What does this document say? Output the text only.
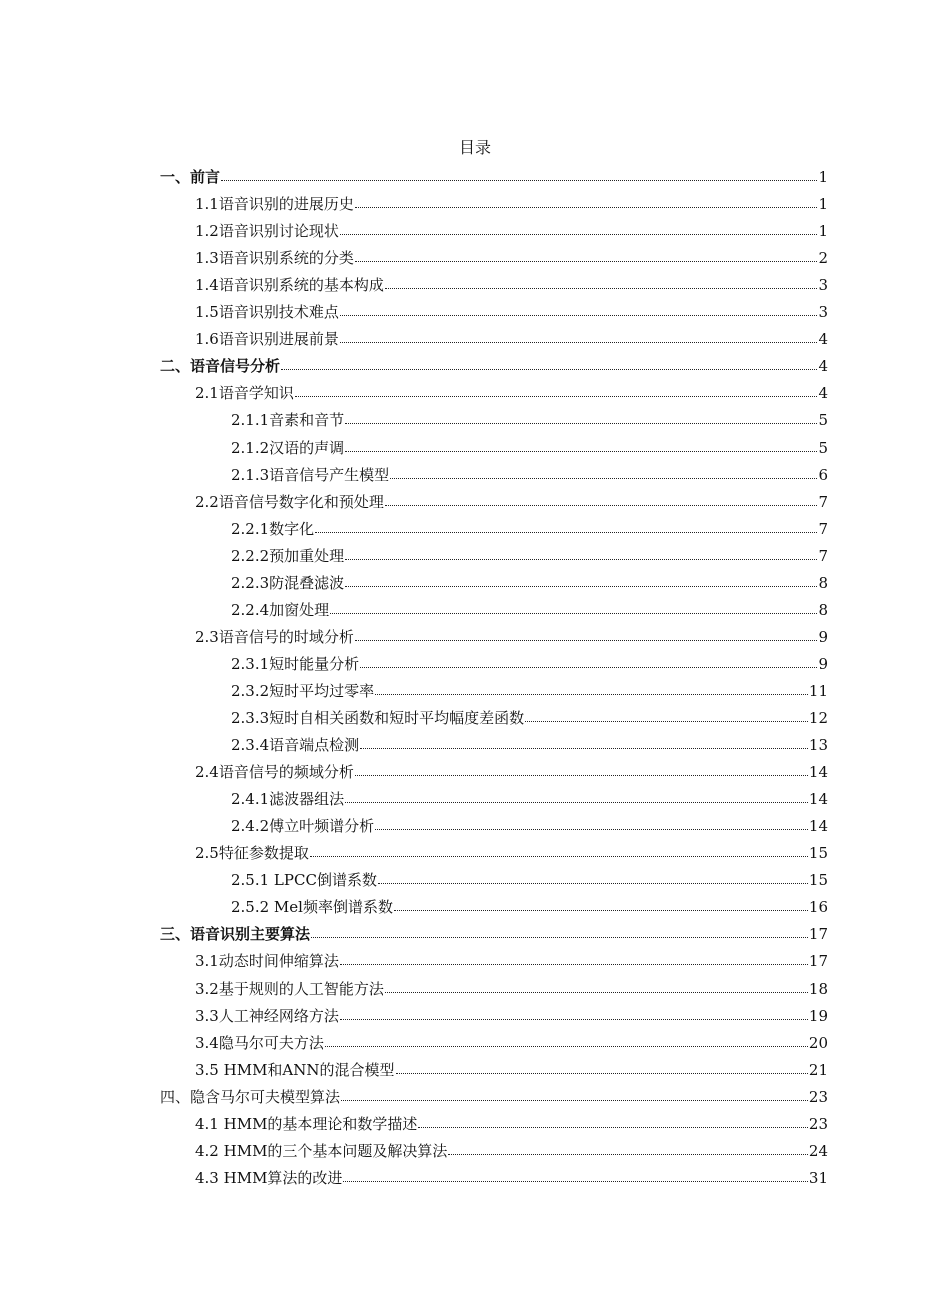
目录
一、前言	1
1.1语音识别的进展历史	1
1.2语音识别讨论现状	1
1.3语音识别系统的分类	2
1.4语音识别系统的基本构成	3
1.5语音识别技术难点	3
1.6语音识别进展前景	4
二、语音信号分析	4
2.1语音学知识	4
2.1.1音素和音节	5
2.1.2汉语的声调	5
2.1.3语音信号产生模型	6
2.2语音信号数字化和预处理	7
2.2.1数字化	7
2.2.2预加重处理	7
2.2.3防混叠滤波	8
2.2.4加窗处理	8
2.3语音信号的时域分析	9
2.3.1短时能量分析	9
2.3.2短时平均过零率	11
2.3.3短时自相关函数和短时平均幅度差函数	12
2.3.4语音端点检测	13
2.4语音信号的频域分析	14
2.4.1滤波器组法	14
2.4.2傅立叶频谱分析	14
2.5特征参数提取	15
2.5.1 LPCC倒谱系数	15
2.5.2 Mel频率倒谱系数	16
三、语音识别主要算法	17
3.1动态时间伸缩算法	17
3.2基于规则的人工智能方法	18
3.3人工神经网络方法	19
3.4隐马尔可夫方法	20
3.5 HMM和ANN的混合模型	21
四、隐含马尔可夫模型算法	23
4.1 HMM的基本理论和数学描述	23
4.2 HMM的三个基本问题及解决算法	24
4.3 HMM算法的改进	31
